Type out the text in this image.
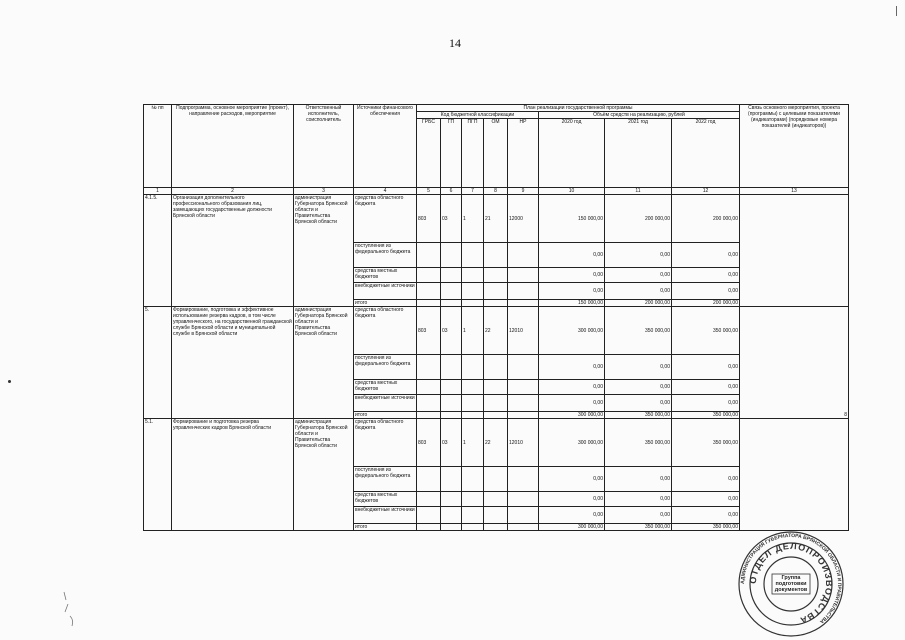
14
№ пп	Подпрограмма, основное мероприятие (проект), направление расходов, мероприятие	Ответственный исполнитель, соисполнитель	Источники финансового обеспечения	План реализации государственной программы								Связь основного мероприятия, проекта (программы) с целевыми показателями (индикаторами) (порядковые номера показателей (индикаторов))
				Код бюджетной классификации					Объём средств на реализацию, рублей			
				ГРБС	ГП	ПГП	ОМ	НР	2020 год	2021 год	2022 год	
1	2	3	4	5	6	7	8	9	10	11	12	13
4.1.5.	Организация дополнительного профессионального образования лиц, замещающих государственные должности Брянской области	администрация Губернатора Брянской области и Правительства Брянской области	средства областного бюджета	803	03	1	21	12000	150 000,00	200 000,00	200 000,00	
			поступления из федерального бюджета						0,00	0,00	0,00	
			средства местных бюджетов						0,00	0,00	0,00	
			внебюджетные источники						0,00	0,00	0,00	
			итого						150 000,00	200 000,00	200 000,00	
5.	Формирование, подготовка и эффективное использование резерва кадров, в том числе управленческого, на государственной гражданской службе Брянской области и муниципальной службе в Брянской области	администрация Губернатора Брянской области и Правительства Брянской области	средства областного бюджета	803	03	1	22	12010	300 000,00	350 000,00	350 000,00	8
			поступления из федерального бюджета						0,00	0,00	0,00	
			средства местных бюджетов						0,00	0,00	0,00	
			внебюджетные источники						0,00	0,00	0,00	
			итого						300 000,00	350 000,00	350 000,00	
5.1.	Формирование и подготовка резерва управленческих кадров Брянской области	администрация Губернатора Брянской области и Правительства Брянской области	средства областного бюджета	803	03	1	22	12010	300 000,00	350 000,00	350 000,00	
			поступления из федерального бюджета						0,00	0,00	0,00	
			средства местных бюджетов						0,00	0,00	0,00	
			внебюджетные источники						0,00	0,00	0,00	
			итого						300 000,00	350 000,00	350 000,00	
АДМИНИСТРАЦИЯ ГУБЕРНАТОРА БРЯНСКОЙ ОБЛАСТИ И ПРАВИТЕЛЬСТВА
ОТДЕЛ ДЕЛОПРОИЗВОДСТВА
Группа подготовки документов
